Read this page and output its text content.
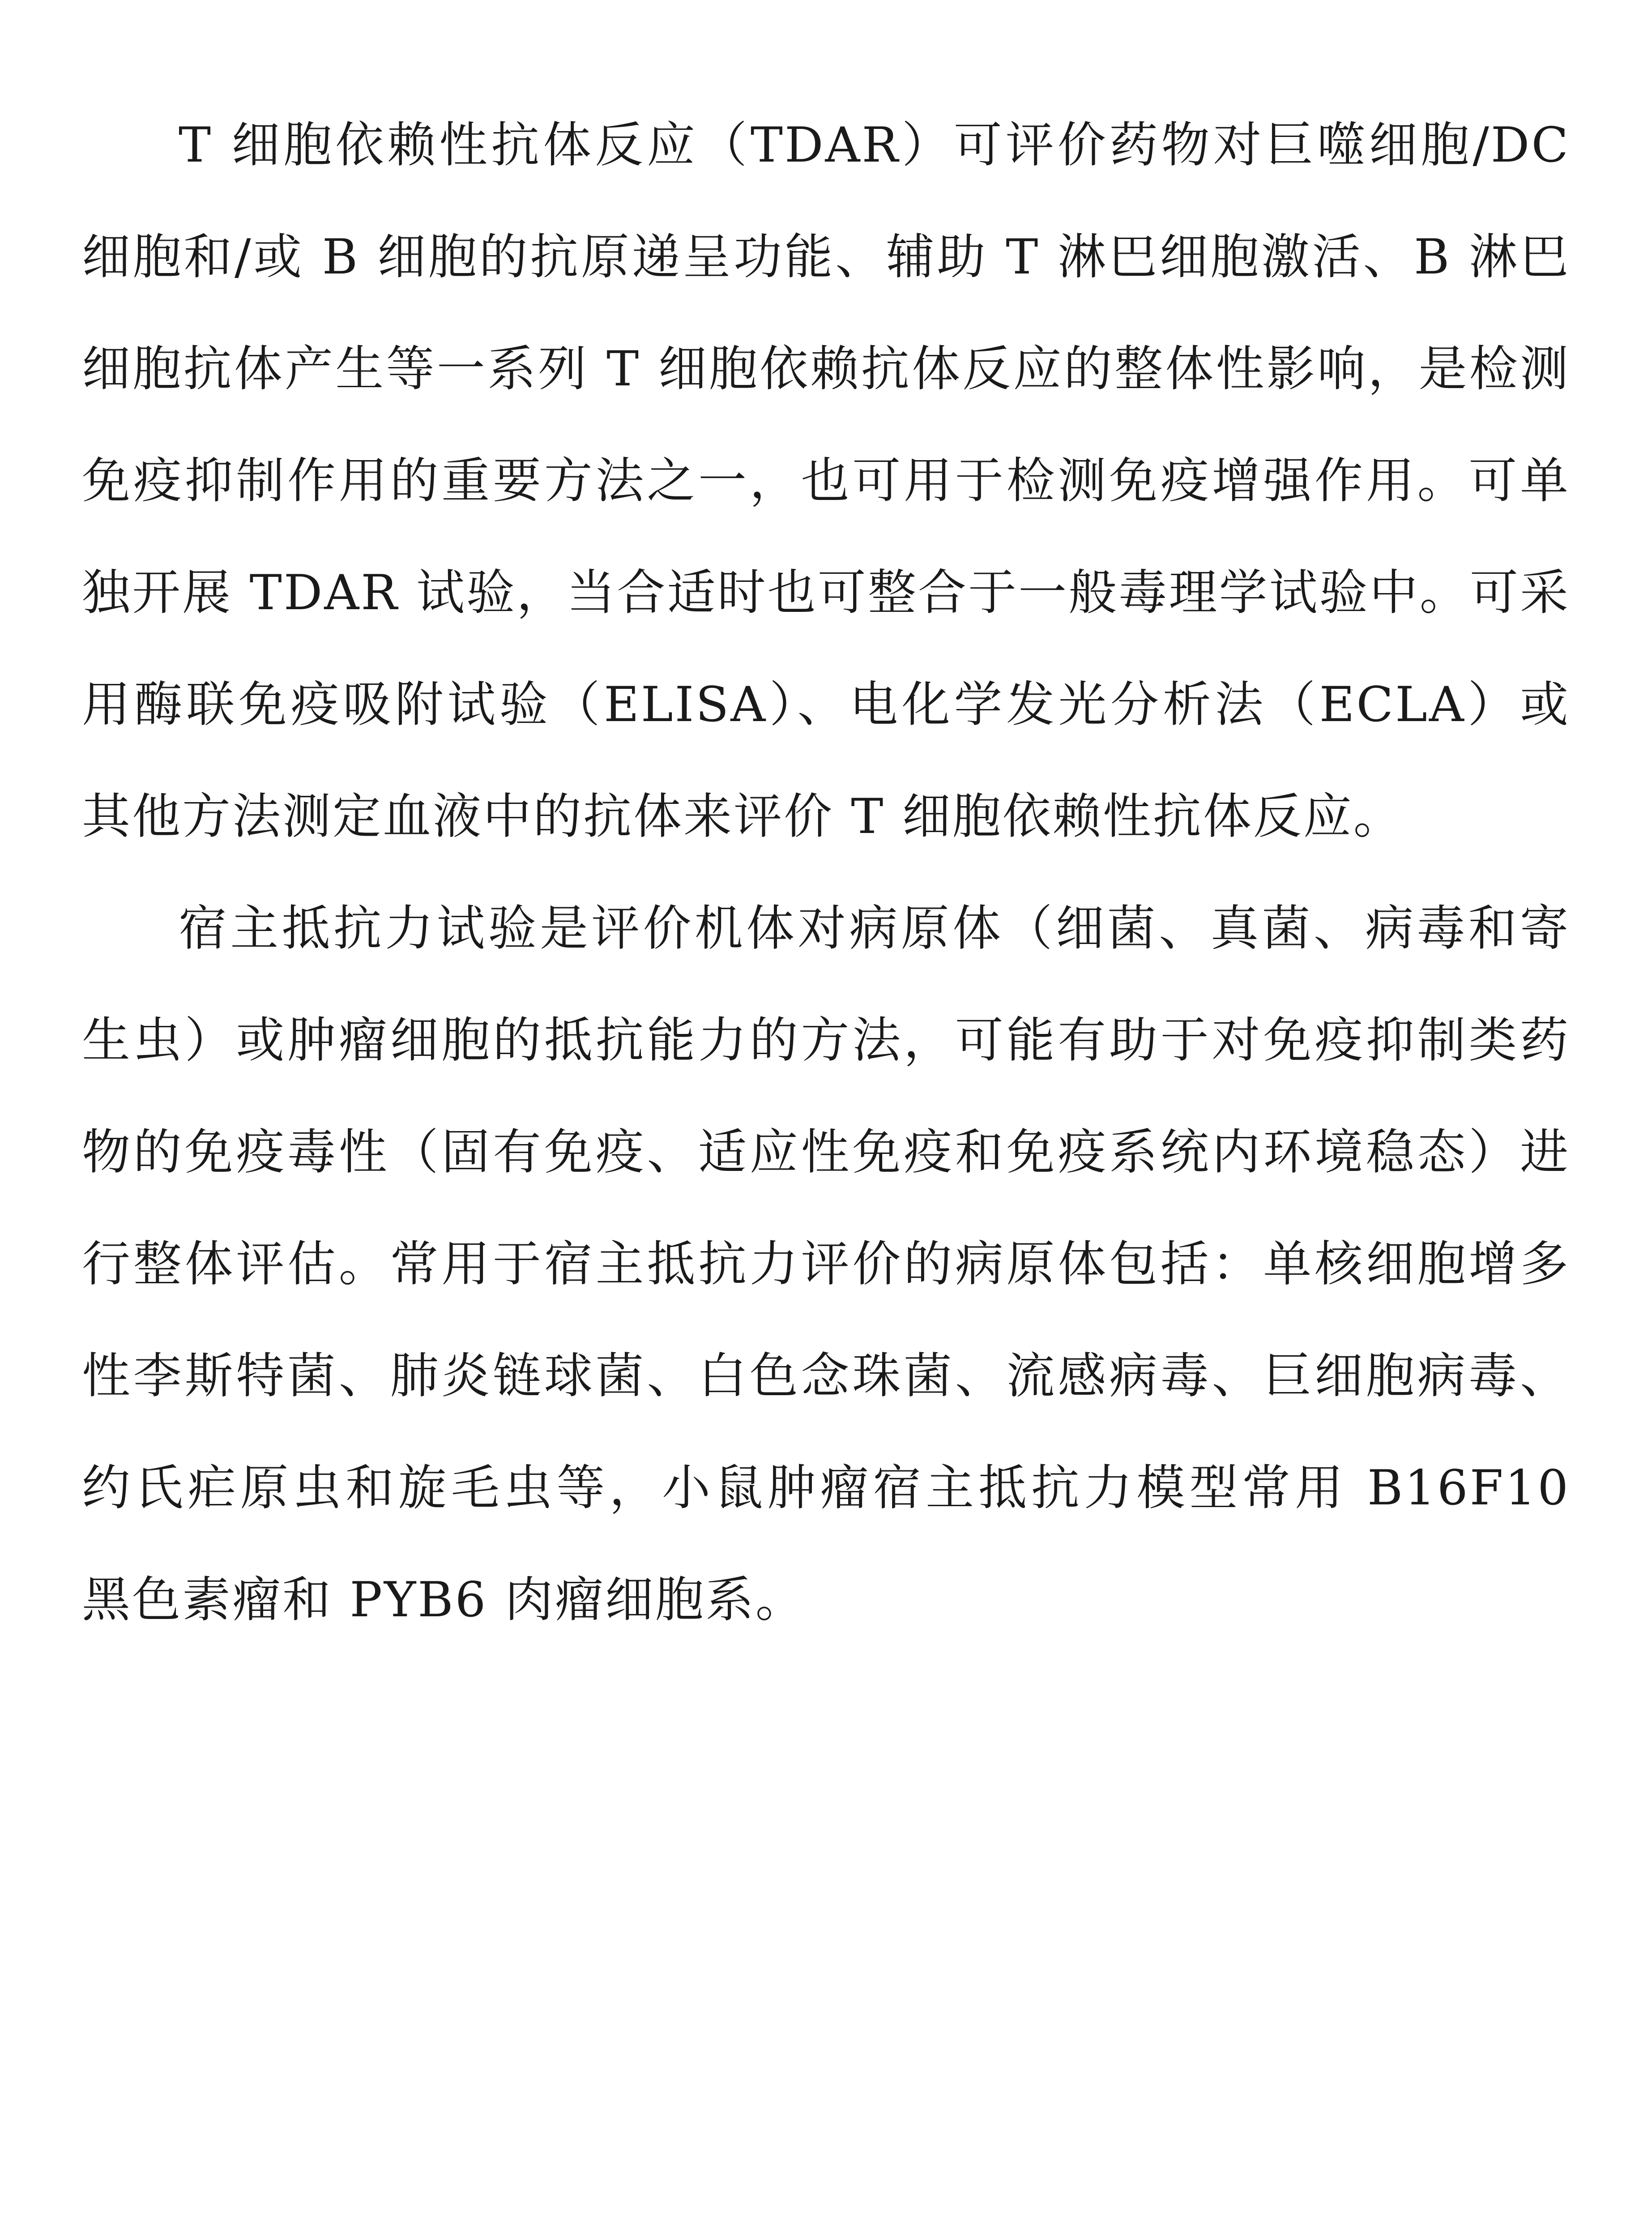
T 细胞依赖性抗体反应（TDAR）可评价药物对巨噬细胞/DC 细胞和/或 B 细胞的抗原递呈功能、辅助 T 淋巴细胞激活、B 淋巴细胞抗体产生等一系列 T 细胞依赖抗体反应的整体性影响，是检测免疫抑制作用的重要方法之一，也可用于检测免疫增强作用。可单独开展 TDAR 试验，当合适时也可整合于一般毒理学试验中。可采用酶联免疫吸附试验（ELISA）、电化学发光分析法（ECLA）或其他方法测定血液中的抗体来评价 T 细胞依赖性抗体反应。

宿主抵抗力试验是评价机体对病原体（细菌、真菌、病毒和寄生虫）或肿瘤细胞的抵抗能力的方法，可能有助于对免疫抑制类药物的免疫毒性（固有免疫、适应性免疫和免疫系统内环境稳态）进行整体评估。常用于宿主抵抗力评价的病原体包括：单核细胞增多性李斯特菌、肺炎链球菌、白色念珠菌、流感病毒、巨细胞病毒、约氏疟原虫和旋毛虫等，小鼠肿瘤宿主抵抗力模型常用 B16F10 黑色素瘤和 PYB6 肉瘤细胞系。
